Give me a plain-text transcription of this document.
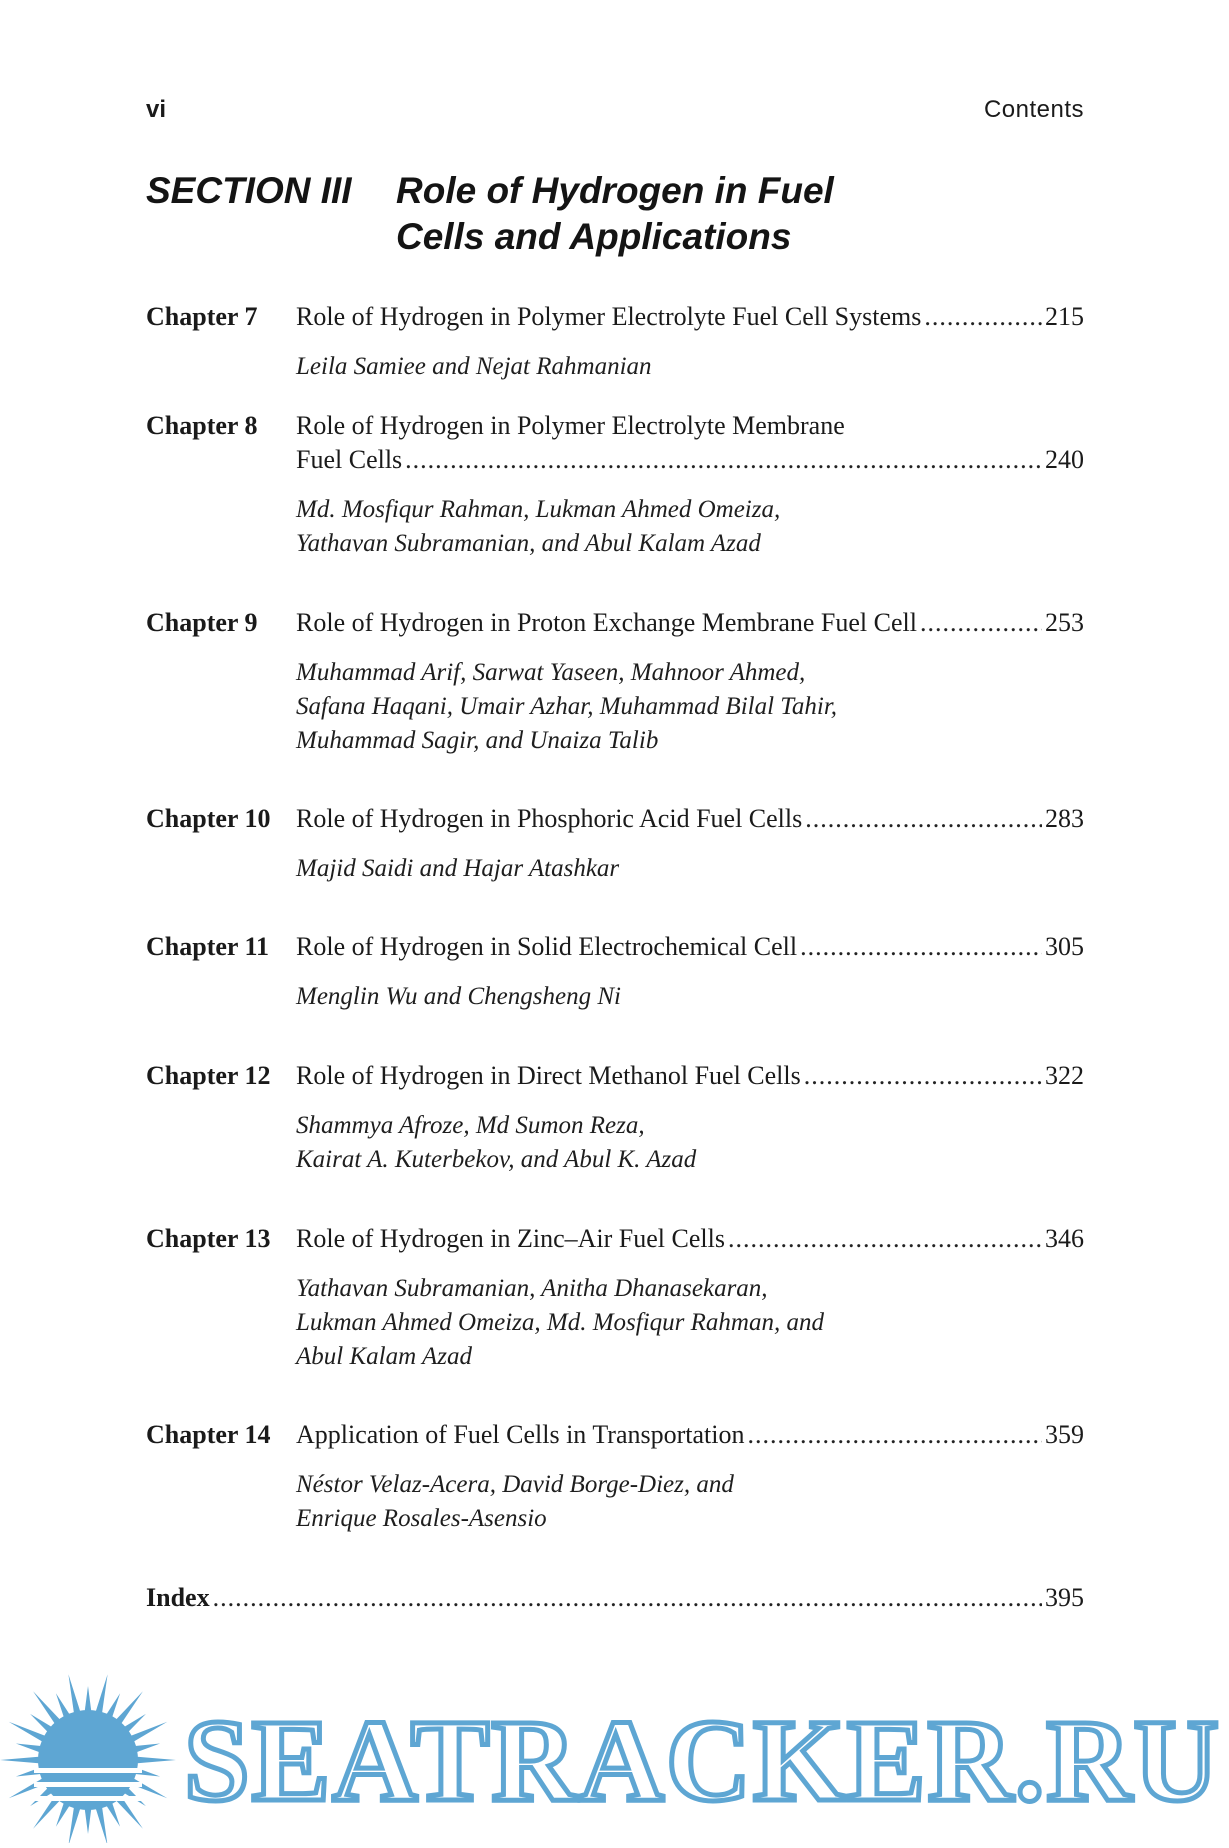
vi	Contents
SECTION III Role of Hydrogen in Fuel
Cells and Applications
Chapter 7 Role of Hydrogen in Polymer Electrolyte Fuel Cell Systems .....	215
Leila Samiee and Nejat Rahmanian
Chapter 8 Role of Hydrogen in Polymer Electrolyte Membrane
Fuel Cells .....	240
Md. Mosfiqur Rahman, Lukman Ahmed Omeiza,
Yathavan Subramanian, and Abul Kalam Azad
Chapter 9 Role of Hydrogen in Proton Exchange Membrane Fuel Cell .....	253
Muhammad Arif, Sarwat Yaseen, Mahnoor Ahmed,
Safana Haqani, Umair Azhar, Muhammad Bilal Tahir,
Muhammad Sagir, and Unaiza Talib
Chapter 10 Role of Hydrogen in Phosphoric Acid Fuel Cells .....	283
Majid Saidi and Hajar Atashkar
Chapter 11 Role of Hydrogen in Solid Electrochemical Cell .....	305
Menglin Wu and Chengsheng Ni
Chapter 12 Role of Hydrogen in Direct Methanol Fuel Cells .....	322
Shammya Afroze, Md Sumon Reza,
Kairat A. Kuterbekov, and Abul K. Azad
Chapter 13 Role of Hydrogen in Zinc–Air Fuel Cells .....	346
Yathavan Subramanian, Anitha Dhanasekaran,
Lukman Ahmed Omeiza, Md. Mosfiqur Rahman, and
Abul Kalam Azad
Chapter 14 Application of Fuel Cells in Transportation .....	359
Néstor Velaz-Acera, David Borge-Diez, and
Enrique Rosales-Asensio
Index .....	395
SEATRACKER.RU
